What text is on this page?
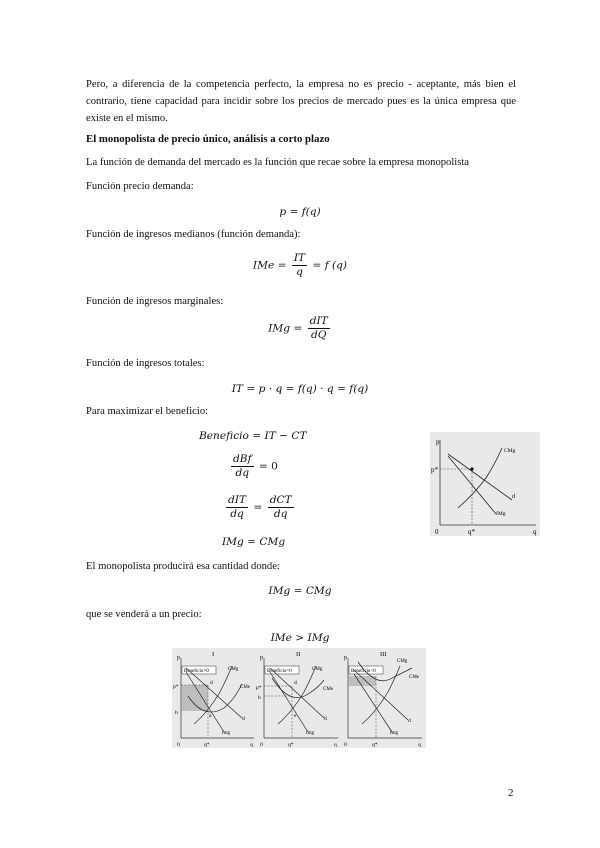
Pero, a diferencia de la competencia perfecto, la empresa no es precio - aceptante, más bien el contrario, tiene capacidad para incidir sobre los precios de mercado pues es la única empresa que existe en el mismo.

El monopolista de precio único, análisis a corto plazo

La función de demanda del mercado es la función que recae sobre la empresa monopolista

Función precio demanda:

p = f(q)

Función de ingresos medianos (función demanda):

IMe = $\frac{IT}{q} = f$ (q)

Función de ingresos marginales:

IMg = $\frac{\text{dIT}}{dQ}$

Función de ingresos totales:

IT = p · q = f(q) · q = f(q)

Para maximizar el beneficio:

Beneficio = IT − CT
$\frac{\text{dBf}}{dq} = 0$
$\frac{\text{dIT}}{dq} = \frac{\text{dCT}}{dq}$
IMg = CMg

El monopolista producirá esa cantidad donde:

IMg = CMg

que se venderá a un precio:

IMe > IMg
p
q
0
p*
q*
CMg
d
IMg
I
Beneficio>0
p
p*
b
0	q*	q
d
a
CMg
CMe
d
Img
II
Beneficio=0
p
p*
b
0	q*	q
d
e
CMg
CMe
d
Img
III
Beneficio<0
p
0	q*	q
CMg
CMe
d
Img
2
